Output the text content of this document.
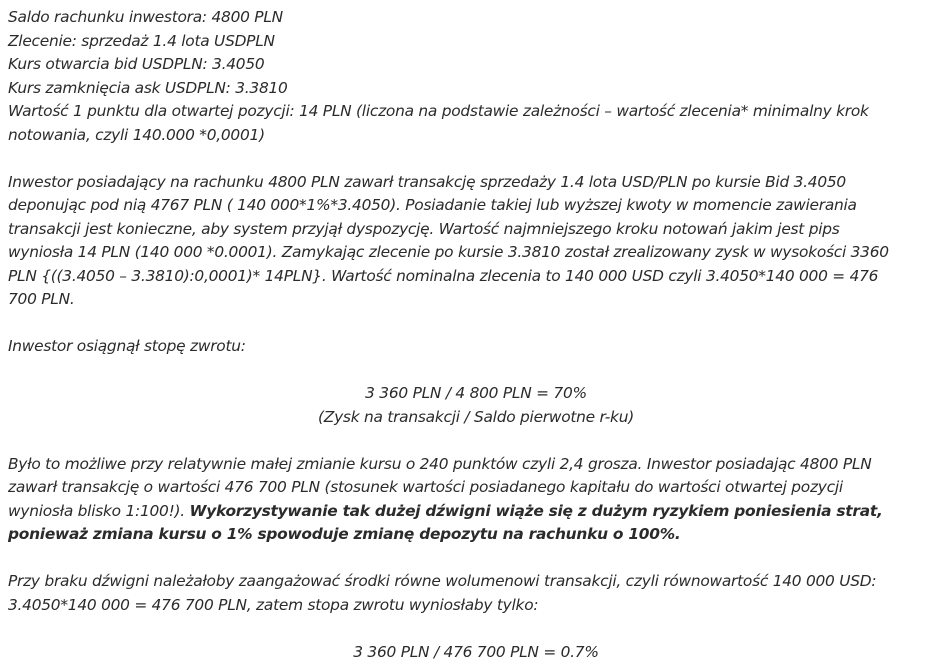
Saldo rachunku inwestora: 4800 PLN
Zlecenie: sprzedaż 1.4 lota USDPLN
Kurs otwarcia bid USDPLN: 3.4050
Kurs zamknięcia ask USDPLN: 3.3810
Wartość 1 punktu dla otwartej pozycji: 14 PLN (liczona na podstawie zależności – wartość zlecenia* minimalny krok
notowania, czyli 140.000 *0,0001)
Inwestor posiadający na rachunku 4800 PLN zawarł transakcję sprzedaży 1.4 lota USD/PLN po kursie Bid 3.4050
deponując pod nią 4767 PLN ( 140 000*1%*3.4050). Posiadanie takiej lub wyższej kwoty w momencie zawierania
transakcji jest konieczne, aby system przyjął dyspozycję. Wartość najmniejszego kroku notowań jakim jest pips
wyniosła 14 PLN (140 000 *0.0001). Zamykając zlecenie po kursie 3.3810 został zrealizowany zysk w wysokości 3360
PLN {((3.4050 – 3.3810):0,0001)* 14PLN}. Wartość nominalna zlecenia to 140 000 USD czyli 3.4050*140 000 = 476
700 PLN.
Inwestor osiągnął stopę zwrotu:
3 360 PLN / 4 800 PLN = 70%
(Zysk na transakcji / Saldo pierwotne r-ku)
Było to możliwe przy relatywnie małej zmianie kursu o 240 punktów czyli 2,4 grosza. Inwestor posiadając 4800 PLN
zawarł transakcję o wartości 476 700 PLN (stosunek wartości posiadanego kapitału do wartości otwartej pozycji
wyniosła blisko 1:100!). Wykorzystywanie tak dużej dźwigni wiąże się z dużym ryzykiem poniesienia strat,
ponieważ zmiana kursu o 1% spowoduje zmianę depozytu na rachunku o 100%.
Przy braku dźwigni należałoby zaangażować środki równe wolumenowi transakcji, czyli równowartość 140 000 USD:
3.4050*140 000 = 476 700 PLN, zatem stopa zwrotu wyniosłaby tylko:
3 360 PLN / 476 700 PLN = 0.7%
